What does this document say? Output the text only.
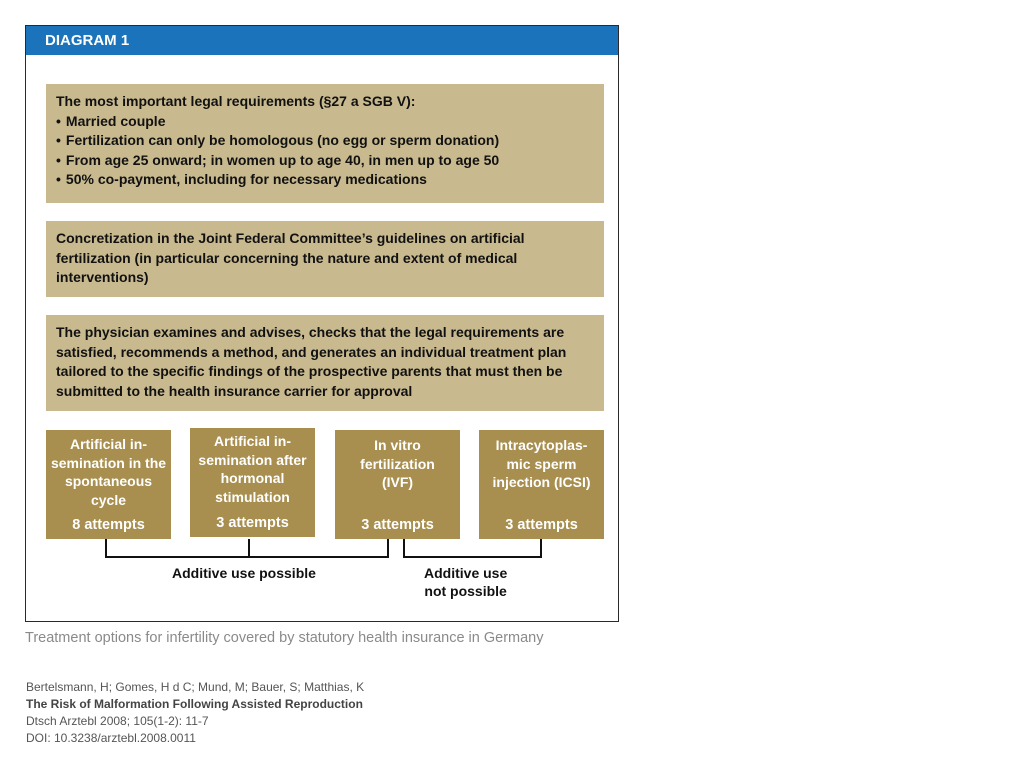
DIAGRAM 1
The most important legal requirements (§27 a SGB V):
• Married couple
• Fertilization can only be homologous (no egg or sperm donation)
• From age 25 onward; in women up to age 40, in men up to age 50
• 50% co-payment, including for necessary medications
Concretization in the Joint Federal Committee’s guidelines on artificial
fertilization (in particular concerning the nature and extent of medical
interventions)
The physician examines and advises, checks that the legal requirements are
satisfied, recommends a method, and generates an individual treatment plan
tailored to the specific findings of the prospective parents that must then be
submitted to the health insurance carrier for approval
Artificial in-
semination in the
spontaneous
cycle
8 attempts
Artificial in-
semination after
hormonal
stimulation
3 attempts
In vitro
fertilization
(IVF)
3 attempts
Intracytoplas-
mic sperm
injection (ICSI)
3 attempts
Additive use possible	Additive use
not possible
Treatment options for infertility covered by statutory health insurance in Germany
Bertelsmann, H; Gomes, H d C; Mund, M; Bauer, S; Matthias, K
The Risk of Malformation Following Assisted Reproduction
Dtsch Arztebl 2008; 105(1-2): 11-7
DOI: 10.3238/arztebl.2008.0011
